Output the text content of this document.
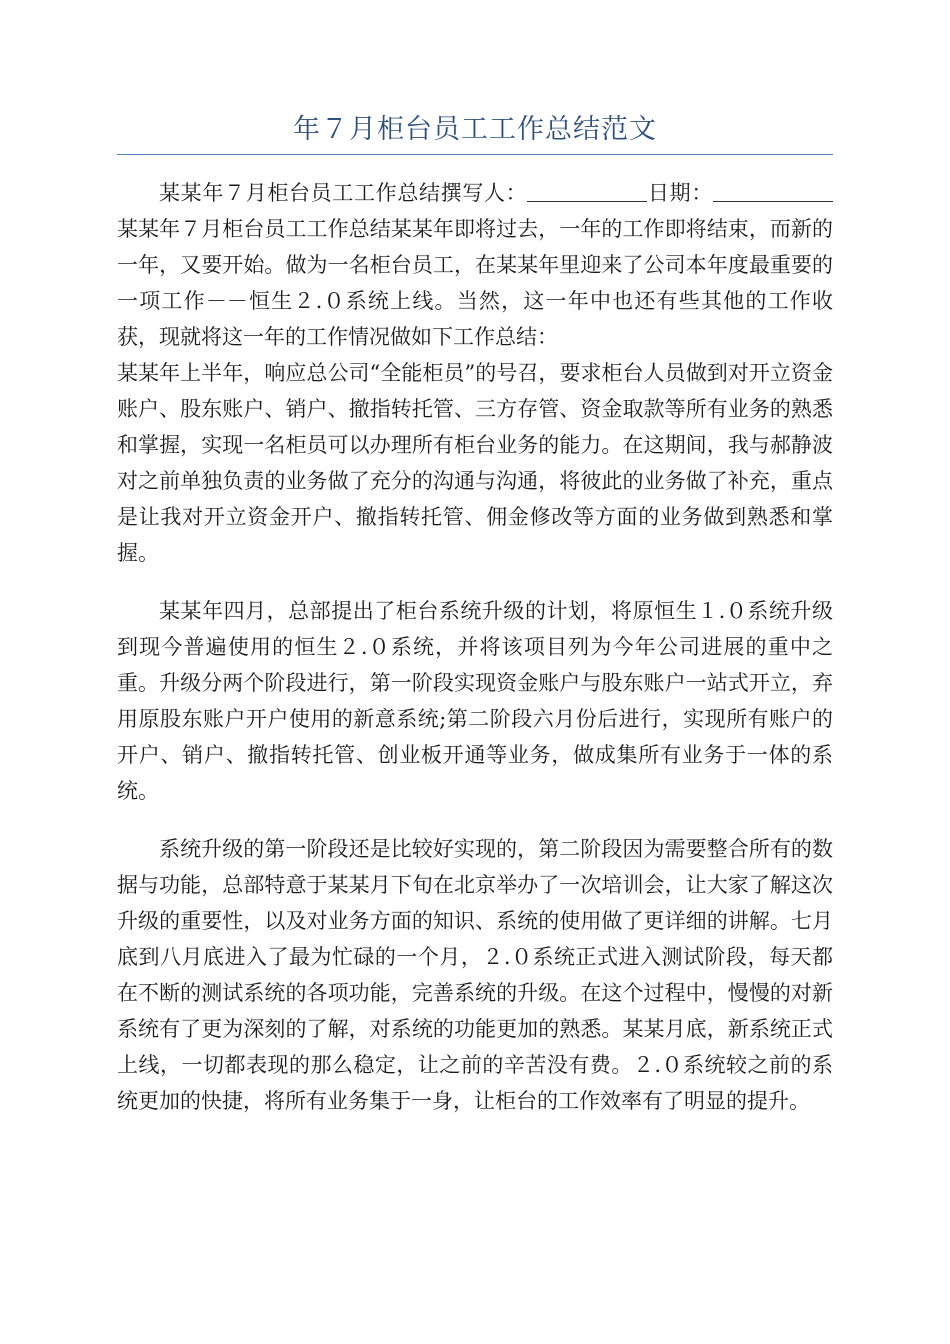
年７月柜台员工工作总结范文

某某年７月柜台员工工作总结撰写人：	日期：某某年７月柜台员工工作总结某某年即将过去，一年的工作即将结束，而新的一年，又要开始。做为一名柜台员工，在某某年里迎来了公司本年度最重要的一项工作－－恒生２.０系统上线。当然，这一年中也还有些其他的工作收获，现就将这一年的工作情况做如下工作总结：

某某年上半年，响应总公司“全能柜员”的号召，要求柜台人员做到对开立资金账户、股东账户、销户、撤指转托管、三方存管、资金取款等所有业务的熟悉和掌握，实现一名柜员可以办理所有柜台业务的能力。在这期间，我与郝静波对之前单独负责的业务做了充分的沟通与沟通，将彼此的业务做了补充，重点是让我对开立资金开户、撤指转托管、佣金修改等方面的业务做到熟悉和掌握。

某某年四月，总部提出了柜台系统升级的计划，将原恒生１.０系统升级到现今普遍使用的恒生２.０系统，并将该项目列为今年公司进展的重中之重。升级分两个阶段进行，第一阶段实现资金账户与股东账户一站式开立，弃用原股东账户开户使用的新意系统;第二阶段六月份后进行，实现所有账户的开户、销户、撤指转托管、创业板开通等业务，做成集所有业务于一体的系统。

系统升级的第一阶段还是比较好实现的，第二阶段因为需要整合所有的数据与功能，总部特意于某某月下旬在北京举办了一次培训会，让大家了解这次升级的重要性，以及对业务方面的知识、系统的使用做了更详细的讲解。七月底到八月底进入了最为忙碌的一个月，２.０系统正式进入测试阶段，每天都在不断的测试系统的各项功能，完善系统的升级。在这个过程中，慢慢的对新系统有了更为深刻的了解，对系统的功能更加的熟悉。某某月底，新系统正式上线，一切都表现的那么稳定，让之前的辛苦没有费。２.０系统较之前的系统更加的快捷，将所有业务集于一身，让柜台的工作效率有了明显的提升。
